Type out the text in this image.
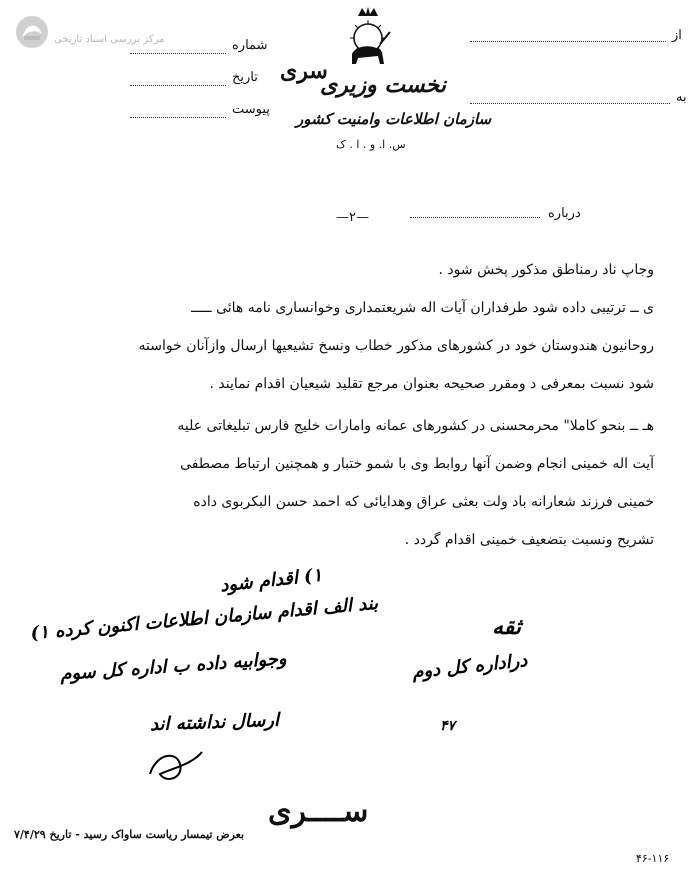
مرکز بررسی اسناد تاریخی
سری
نخست وزیری
سازمان اطلاعات وامنیت کشور
س. ا. و . ا . ک
شماره
تاریخ
پیوست
از
به
—۲—	درباره
وجاپ ناد رمناطق مذکور پخش شود .
ی ــ ترتیبی داده شود طرفداران آیات اله شریعتمداری وخوانساری نامه هائی ـــــ
روحانیون هندوستان خود در کشورهای مذکور خطاب ونسخ تشیعیها ارسال وازآنان خواسته
شود نسبت بمعرفی د ومقرر صحیحه بعنوان مرجع تقلید شیعیان اقدام نمایند .
هـ ــ بنحو کاملا" محرمحسنی در کشورهای عمانه وامارات خلیج فارس تبلیغاتی علیه
آیت اله خمینی انجام وضمن آنها روابط وی با شمو ختبار و همچنین ارتباط مصطفی
خمینی فرزند شعارانه باد ولت بعثی عراق وهدایائی که احمد حسن البکربوی داده
تشریح ونسبت بتضعیف خمینی اقدام گردد .
۱) اقدام شود
بند الف اقدام سازمان اطلاعات اکنون کرده ۱)
وجوابیه داده ب اداره کل سوم
ارسال نداشته اند
ثقه
دراداره کل دوم
۴۷
ســــری
بعرض تیمسار ریاست ساواک رسید - تاریخ ۷/۴/۲۹
۴۶-۱۱۶
